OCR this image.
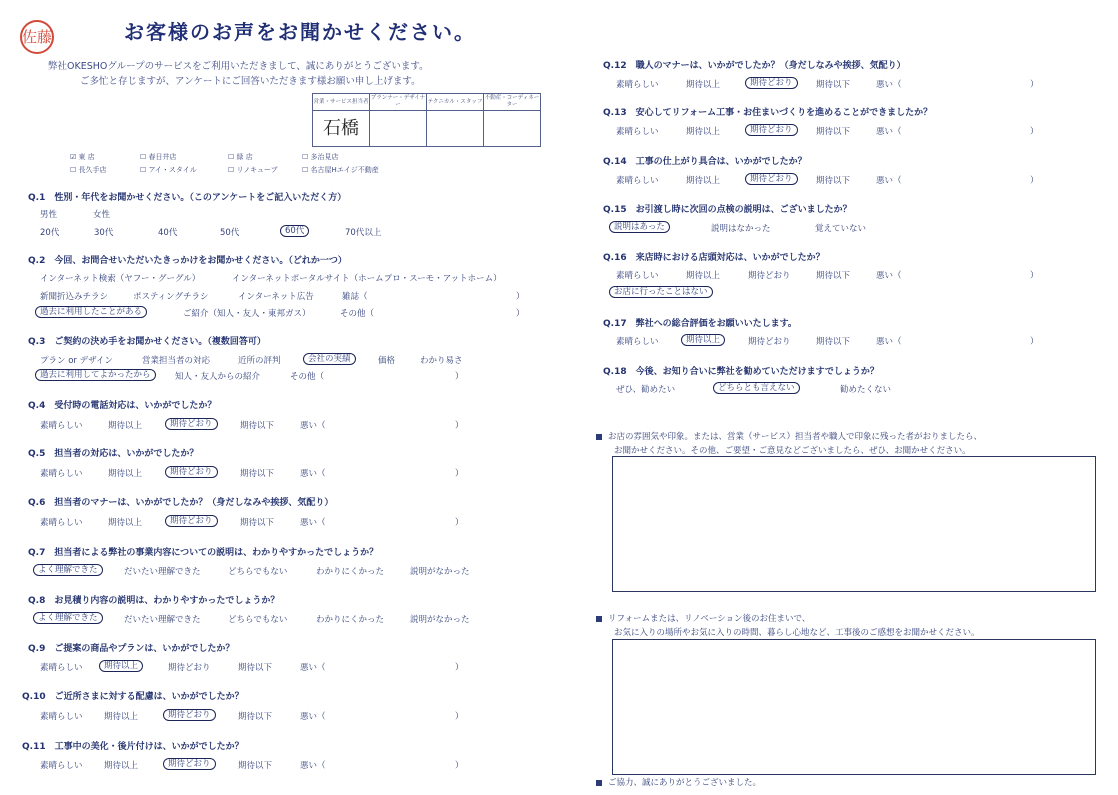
佐藤	お客様のお声をお聞かせください。
弊社OKESHOグループのサービスをご利用いただきまして、誠にありがとうございます。
ご多忙と存じますが、アンケートにご回答いただきます様お願い申し上げます。
営業・サービス担当者	プランナー・デザイナー	テクニカル・スタッフ	不動産・コーディネーター
石橋			
☑ 東 店	☐ 春日井店	☐ 緑 店	☐ 多治見店
☐ 長久手店	☐ アイ・スタイル	☐ リノキューブ	☐ 名古屋Hエイジ不動産
Q.1　性別・年代をお聞かせください。（このアンケートをご記入いただく方）
男性	女性
20代	30代	40代	50代	60代	70代以上
Q.2　今回、お問合せいただいたきっかけをお聞かせください。（どれか一つ）
インターネット検索（ヤフー・グーグル）	インターネットポータルサイト（ホームプロ・スーモ・アットホーム）
新聞折込みチラシ	ポスティングチラシ	インターネット広告	雑誌（	）
過去に利用したことがある	ご紹介（知人・友人・東邦ガス）	その他（	）
Q.3　ご契約の決め手をお聞かせください。（複数回答可）
プラン or デザイン	営業担当者の対応	近所の評判	会社の実績	価格	わかり易さ
過去に利用してよかったから	知人・友人からの紹介	その他（	）
Q.4　受付時の電話対応は、いかがでしたか？
素晴らしい	期待以上	期待どおり	期待以下	悪い（	）
Q.5　担当者の対応は、いかがでしたか？
素晴らしい	期待以上	期待どおり	期待以下	悪い（	）
Q.6　担当者のマナーは、いかがでしたか？（身だしなみや挨拶、気配り）
素晴らしい	期待以上	期待どおり	期待以下	悪い（	）
Q.7　担当者による弊社の事業内容についての説明は、わかりやすかったでしょうか？
よく理解できた	だいたい理解できた	どちらでもない	わかりにくかった	説明がなかった
Q.8　お見積り内容の説明は、わかりやすかったでしょうか？
よく理解できた	だいたい理解できた	どちらでもない	わかりにくかった	説明がなかった
Q.9　ご提案の商品やプランは、いかがでしたか？
素晴らしい	期待以上	期待どおり	期待以下	悪い（	）
Q.10　ご近所さまに対する配慮は、いかがでしたか？
素晴らしい	期待以上	期待どおり	期待以下	悪い（	）
Q.11　工事中の美化・後片付けは、いかがでしたか？
素晴らしい	期待以上	期待どおり	期待以下	悪い（	）
Q.12　職人のマナーは、いかがでしたか？（身だしなみや挨拶、気配り）
素晴らしい	期待以上	期待どおり	期待以下	悪い（	）
Q.13　安心してリフォーム工事・お住まいづくりを進めることができましたか？
素晴らしい	期待以上	期待どおり	期待以下	悪い（	）
Q.14　工事の仕上がり具合は、いかがでしたか？
素晴らしい	期待以上	期待どおり	期待以下	悪い（	）
Q.15　お引渡し時に次回の点検の説明は、ございましたか？
説明はあった	説明はなかった	覚えていない
Q.16　来店時における店頭対応は、いかがでしたか？
素晴らしい	期待以上	期待どおり	期待以下	悪い（	）
お店に行ったことはない
Q.17　弊社への総合評価をお願いいたします。
素晴らしい	期待以上	期待どおり	期待以下	悪い（	）
Q.18　今後、お知り合いに弊社を勧めていただけますでしょうか？
ぜひ、勧めたい	どちらとも言えない	勧めたくない
お店の雰囲気や印象。または、営業（サービス）担当者や職人で印象に残った者がおりましたら、
お聞かせください。その他、ご要望・ご意見などございましたら、ぜひ、お聞かせください。
リフォームまたは、リノベーション後のお住まいで、
お気に入りの場所やお気に入りの時間、暮らし心地など、工事後のご感想をお聞かせください。
ご協力、誠にありがとうございました。
